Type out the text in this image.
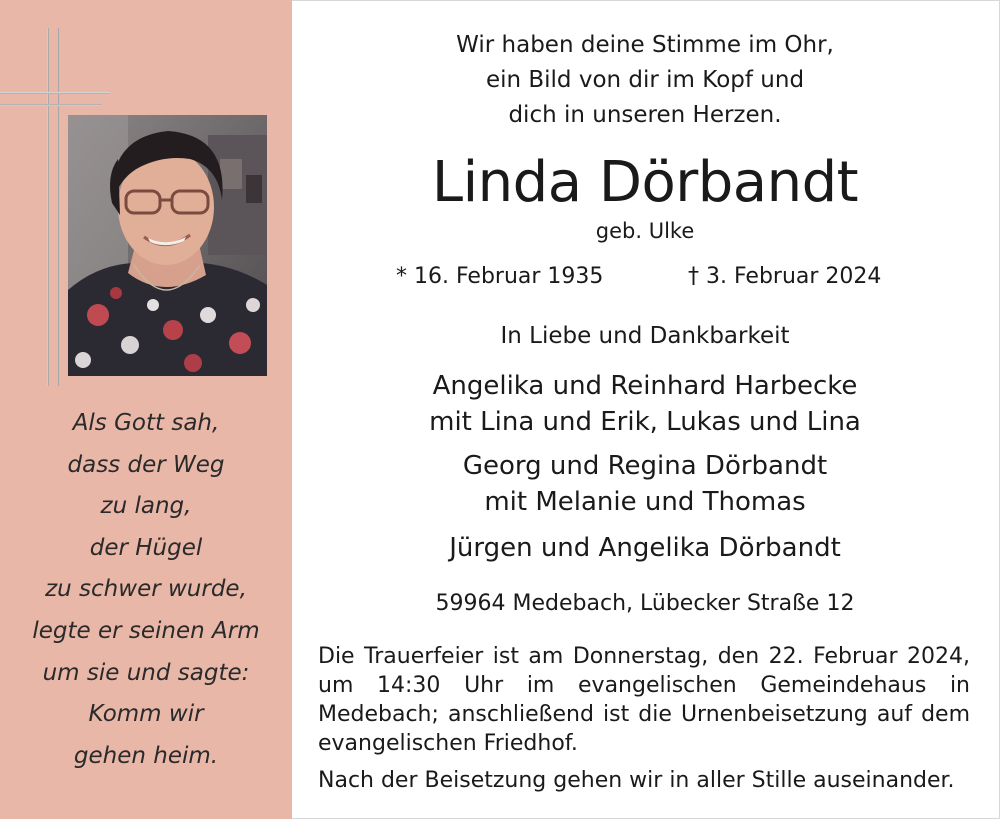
Als Gott sah,
dass der Weg
zu lang,
der Hügel
zu schwer wurde,
legte er seinen Arm
um sie und sagte:
Komm wir
gehen heim.
Wir haben deine Stimme im Ohr,
ein Bild von dir im Kopf und
dich in unseren Herzen.
Linda Dörbandt
geb. Ulke
* 16. Februar 1935	† 3. Februar 2024
In Liebe und Dankbarkeit
Angelika und Reinhard Harbecke
mit Lina und Erik, Lukas und Lina
Georg und Regina Dörbandt
mit Melanie und Thomas
Jürgen und Angelika Dörbandt
59964 Medebach, Lübecker Straße 12
Die Trauerfeier ist am Donnerstag, den 22. Februar 2024, um 14:30 Uhr im evangelischen Gemeindehaus in Medebach; anschließend ist die Urnenbeisetzung auf dem evangelischen Friedhof.
Nach der Beisetzung gehen wir in aller Stille auseinander.
